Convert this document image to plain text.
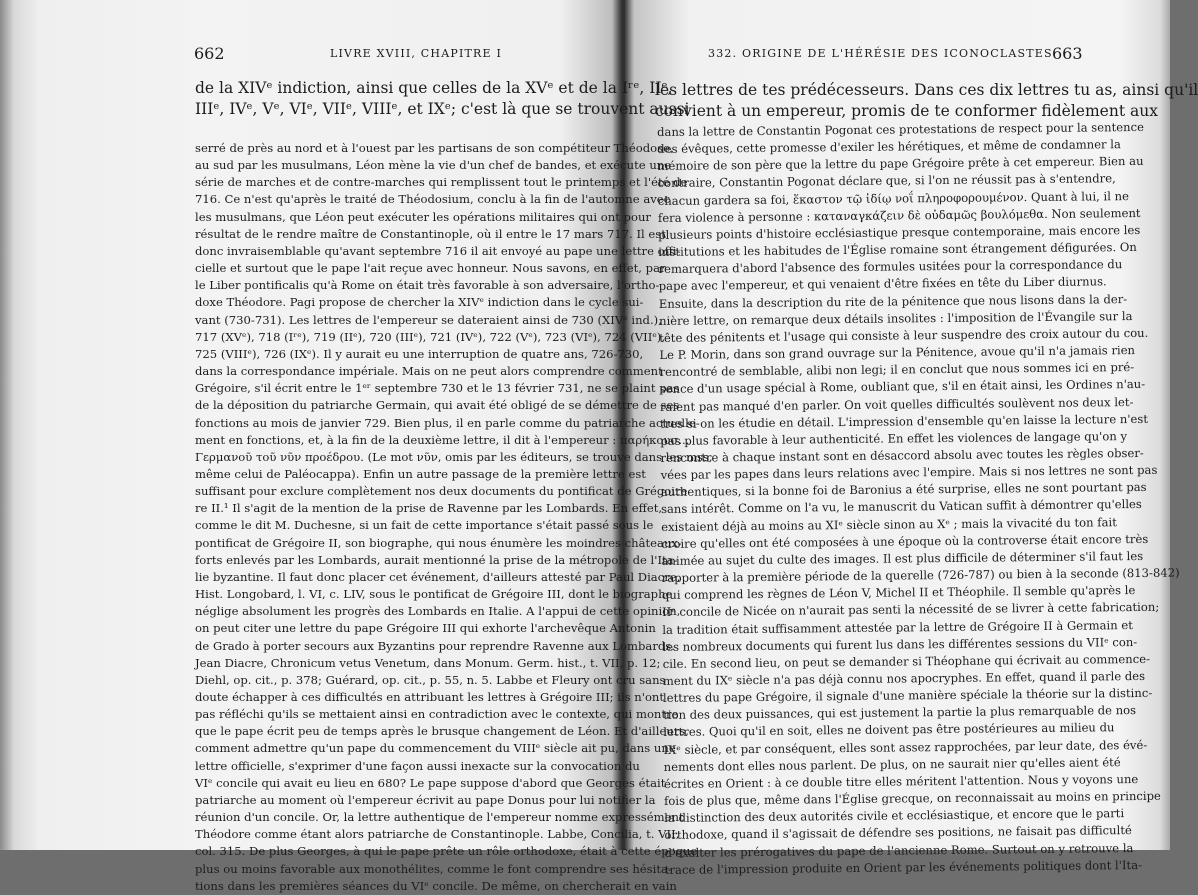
662	LIVRE XVIII, CHAPITRE I
de la XIVᵉ indiction, ainsi que celles de la XVᵉ et de la Iʳᵉ, IIᵉ,
IIIᵉ, IVᵉ, Vᵉ, VIᵉ, VIIᵉ, VIIIᵉ, et IXᵉ; c'est là que se trouvent aussi
serré de près au nord et à l'ouest par les partisans de son compétiteur Théodose,
au sud par les musulmans, Léon mène la vie d'un chef de bandes, et exécute une
série de marches et de contre-marches qui remplissent tout le printemps et l'été de
716. Ce n'est qu'après le traité de Théodosium, conclu à la fin de l'automne avec
les musulmans, que Léon peut exécuter les opérations militaires qui ont pour
résultat de le rendre maître de Constantinople, où il entre le 17 mars 717. Il est
donc invraisemblable qu'avant septembre 716 il ait envoyé au pape une lettre offi-
cielle et surtout que le pape l'ait reçue avec honneur. Nous savons, en effet, par
le Liber pontificalis qu'à Rome on était très favorable à son adversaire, l'ortho-
doxe Théodore. Pagi propose de chercher la XIVᵉ indiction dans le cycle sui-
vant (730-731). Les lettres de l'empereur se dateraient ainsi de 730 (XIVᵉ ind.),
717 (XVᵉ), 718 (Iʳᵉ), 719 (IIᵉ), 720 (IIIᵉ), 721 (IVᵉ), 722 (Vᵉ), 723 (VIᵉ), 724 (VIIᵉ),
725 (VIIIᵉ), 726 (IXᵉ). Il y aurait eu une interruption de quatre ans, 726-730,
dans la correspondance impériale. Mais on ne peut alors comprendre comment
Grégoire, s'il écrit entre le 1ᵉʳ septembre 730 et le 13 février 731, ne se plaint pas
de la déposition du patriarche Germain, qui avait été obligé de se démettre de ses
fonctions au mois de janvier 729. Bien plus, il en parle comme du patriarche actuelle-
ment en fonctions, et, à la fin de la deuxième lettre, il dit à l'empereur : παρήκουσ...
Γερμανοῦ τοῦ νῦν προέδρου. (Le mot νῦν, omis par les éditeurs, se trouve dans les mss,
même celui de Paléocappa). Enfin un autre passage de la première lettre est
suffisant pour exclure complètement nos deux documents du pontificat de Grégoire
re II.¹ Il s'agit de la mention de la prise de Ravenne par les Lombards. En effet,
comme le dit M. Duchesne, si un fait de cette importance s'était passé sous le
pontificat de Grégoire II, son biographe, qui nous énumère les moindres châteaux-
forts enlevés par les Lombards, aurait mentionné la prise de la métropole de l'Ita-
lie byzantine. Il faut donc placer cet événement, d'ailleurs attesté par Paul Diacre,
Hist. Longobard, l. VI, c. LIV, sous le pontificat de Grégoire III, dont le biographe
néglige absolument les progrès des Lombards en Italie. A l'appui de cette opinion,
on peut citer une lettre du pape Grégoire III qui exhorte l'archevêque Antonin
de Grado à porter secours aux Byzantins pour reprendre Ravenne aux Lombards.
Jean Diacre, Chronicum vetus Venetum, dans Monum. Germ. hist., t. VII, p. 12;
Diehl, op. cit., p. 378; Guérard, op. cit., p. 55, n. 5. Labbe et Fleury ont cru sans
doute échapper à ces difficultés en attribuant les lettres à Grégoire III; ils n'ont
pas réfléchi qu'ils se mettaient ainsi en contradiction avec le contexte, qui montre
que le pape écrit peu de temps après le brusque changement de Léon. Et d'ailleurs,
comment admettre qu'un pape du commencement du VIIIᵉ siècle ait pu, dans une
lettre officielle, s'exprimer d'une façon aussi inexacte sur la convocation du
VIᵉ concile qui avait eu lieu en 680? Le pape suppose d'abord que Georges était
patriarche au moment où l'empereur écrivit au pape Donus pour lui notifier la
réunion d'un concile. Or, la lettre authentique de l'empereur nomme expressément
Théodore comme étant alors patriarche de Constantinople. Labbe, Concilia, t. VII,
col. 315. De plus Georges, à qui le pape prête un rôle orthodoxe, était à cette époque
plus ou moins favorable aux monothélites, comme le font comprendre ses hésita-
tions dans les premières séances du VIᵉ concile. De même, on chercherait en vain
332. ORIGINE DE L'HÉRÉSIE DES ICONOCLASTES 663
les lettres de tes prédécesseurs. Dans ces dix lettres tu as, ainsi qu'il
convient à un empereur, promis de te conformer fidèlement aux
dans la lettre de Constantin Pogonat ces protestations de respect pour la sentence
des évêques, cette promesse d'exiler les hérétiques, et même de condamner la
mémoire de son père que la lettre du pape Grégoire prête à cet empereur. Bien au
contraire, Constantin Pogonat déclare que, si l'on ne réussit pas à s'entendre,
chacun gardera sa foi, ἕκαστον τῷ ἰδίῳ νοΐ πληροφορουμένον. Quant à lui, il ne
fera violence à personne : καταναγκάζειν δὲ οὐδαμῶς βουλόμεθα. Non seulement
plusieurs points d'histoire ecclésiastique presque contemporaine, mais encore les
institutions et les habitudes de l'Église romaine sont étrangement défigurées. On
remarquera d'abord l'absence des formules usitées pour la correspondance du
pape avec l'empereur, et qui venaient d'être fixées en tête du Liber diurnus.
Ensuite, dans la description du rite de la pénitence que nous lisons dans la der-
nière lettre, on remarque deux détails insolites : l'imposition de l'Évangile sur la
tête des pénitents et l'usage qui consiste à leur suspendre des croix autour du cou.
Le P. Morin, dans son grand ouvrage sur la Pénitence, avoue qu'il n'a jamais rien
rencontré de semblable, alibi non legi; il en conclut que nous sommes ici en pré-
sence d'un usage spécial à Rome, oubliant que, s'il en était ainsi, les Ordines n'au-
raient pas manqué d'en parler. On voit quelles difficultés soulèvent nos deux let-
tres si on les étudie en détail. L'impression d'ensemble qu'en laisse la lecture n'est
pas plus favorable à leur authenticité. En effet les violences de langage qu'on y
rencontre à chaque instant sont en désaccord absolu avec toutes les règles obser-
vées par les papes dans leurs relations avec l'empire. Mais si nos lettres ne sont pas
authentiques, si la bonne foi de Baronius a été surprise, elles ne sont pourtant pas
sans intérêt. Comme on l'a vu, le manuscrit du Vatican suffit à démontrer qu'elles
existaient déjà au moins au XIᵉ siècle sinon au Xᵉ ; mais la vivacité du ton fait
croire qu'elles ont été composées à une époque où la controverse était encore très
animée au sujet du culte des images. Il est plus difficile de déterminer s'il faut les
rapporter à la première période de la querelle (726-787) ou bien à la seconde (813-842)
qui comprend les règnes de Léon V, Michel II et Théophile. Il semble qu'après le
IIᵉ concile de Nicée on n'aurait pas senti la nécessité de se livrer à cette fabrication;
la tradition était suffisamment attestée par la lettre de Grégoire II à Germain et
les nombreux documents qui furent lus dans les différentes sessions du VIIᵉ con-
cile. En second lieu, on peut se demander si Théophane qui écrivait au commence-
ment du IXᵉ siècle n'a pas déjà connu nos apocryphes. En effet, quand il parle des
lettres du pape Grégoire, il signale d'une manière spéciale la théorie sur la distinc-
tion des deux puissances, qui est justement la partie la plus remarquable de nos
lettres. Quoi qu'il en soit, elles ne doivent pas être postérieures au milieu du
IXᵉ siècle, et par conséquent, elles sont assez rapprochées, par leur date, des évé-
nements dont elles nous parlent. De plus, on ne saurait nier qu'elles aient été
écrites en Orient : à ce double titre elles méritent l'attention. Nous y voyons une
fois de plus que, même dans l'Église grecque, on reconnaissait au moins en principe
la distinction des deux autorités civile et ecclésiastique, et encore que le parti
orthodoxe, quand il s'agissait de défendre ses positions, ne faisait pas difficulté
d'exalter les prérogatives du pape de l'ancienne Rome. Surtout on y retrouve la
trace de l'impression produite en Orient par les événements politiques dont l'Ita-
